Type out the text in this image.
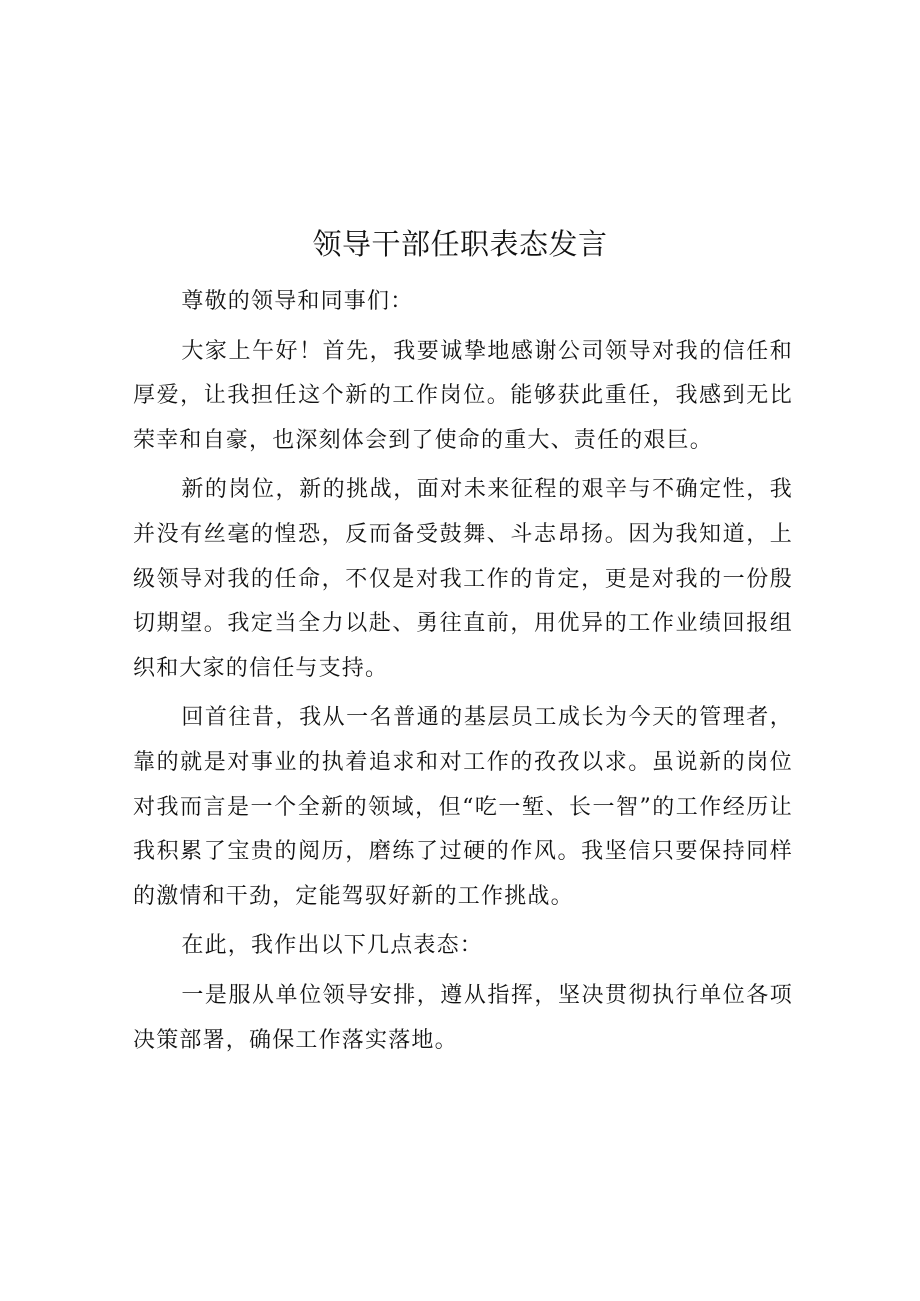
领导干部任职表态发言

尊敬的领导和同事们：

大家上午好！首先，我要诚挚地感谢公司领导对我的信任和厚爱，让我担任这个新的工作岗位。能够获此重任，我感到无比荣幸和自豪，也深刻体会到了使命的重大、责任的艰巨。

新的岗位，新的挑战，面对未来征程的艰辛与不确定性，我并没有丝毫的惶恐，反而备受鼓舞、斗志昂扬。因为我知道，上级领导对我的任命，不仅是对我工作的肯定，更是对我的一份殷切期望。我定当全力以赴、勇往直前，用优异的工作业绩回报组织和大家的信任与支持。

回首往昔，我从一名普通的基层员工成长为今天的管理者，靠的就是对事业的执着追求和对工作的孜孜以求。虽说新的岗位对我而言是一个全新的领域，但“吃一堑、长一智”的工作经历让我积累了宝贵的阅历，磨练了过硬的作风。我坚信只要保持同样的激情和干劲，定能驾驭好新的工作挑战。

在此，我作出以下几点表态：

一是服从单位领导安排，遵从指挥，坚决贯彻执行单位各项决策部署，确保工作落实落地。
